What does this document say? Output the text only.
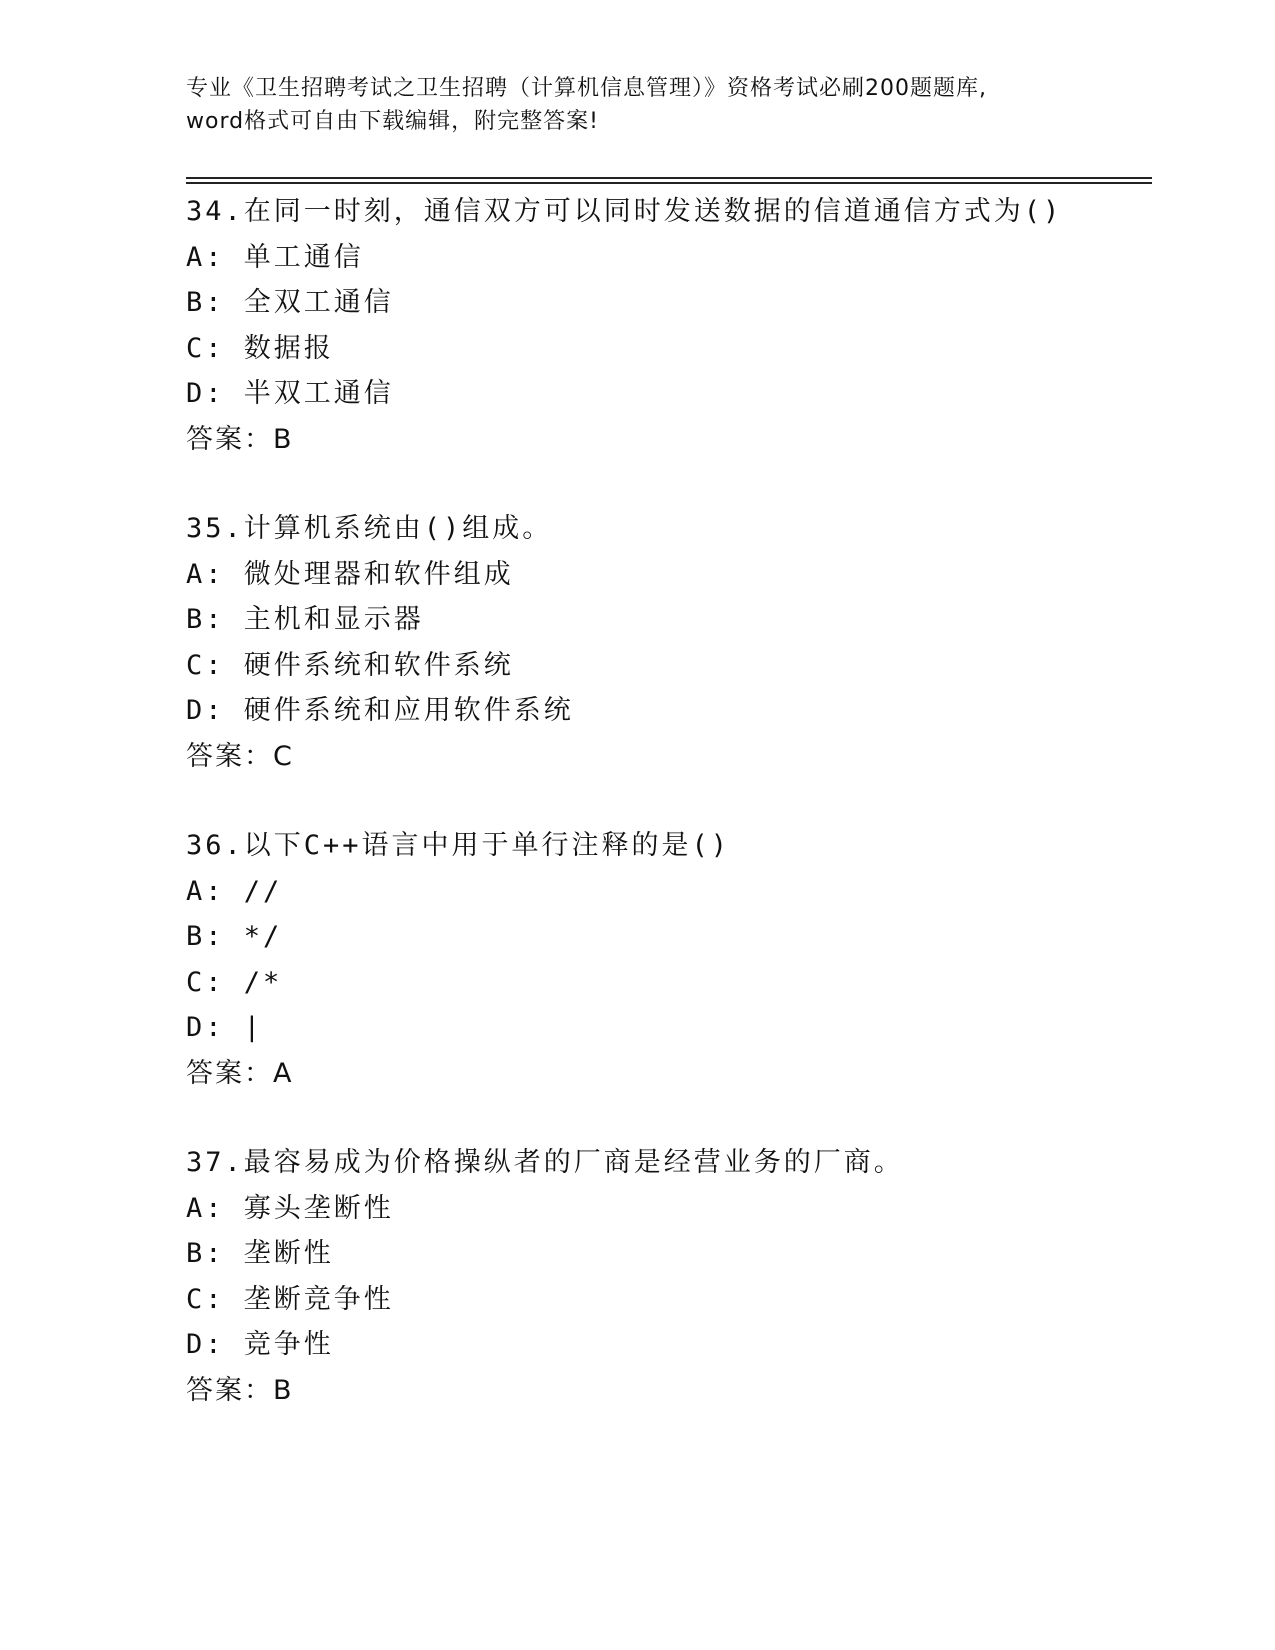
专业《卫生招聘考试之卫生招聘（计算机信息管理）》资格考试必刷200题题库,
word格式可自由下载编辑，附完整答案!
34.在同一时刻，通信双方可以同时发送数据的信道通信方式为()
A: 单工通信
B: 全双工通信
C: 数据报
D: 半双工通信
答案：B
35.计算机系统由()组成。
A: 微处理器和软件组成
B: 主机和显示器
C: 硬件系统和软件系统
D: 硬件系统和应用软件系统
答案：C
36.以下C++语言中用于单行注释的是()
A: //
B: */
C: /*
D: |
答案：A
37.最容易成为价格操纵者的厂商是经营业务的厂商。
A: 寡头垄断性
B: 垄断性
C: 垄断竞争性
D: 竞争性
答案：B
